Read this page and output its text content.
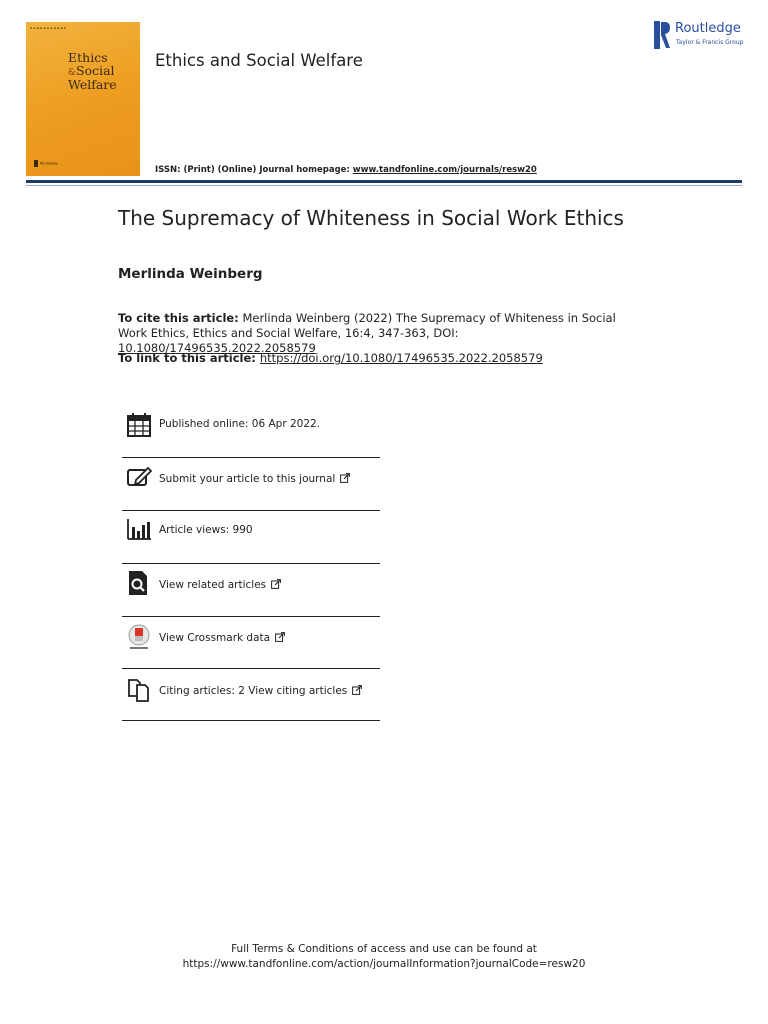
▪ ▪ ▪ ▪ ▪ ▪ ▪ ▪ ▪ ▪ ▪
Ethics
&Social
Welfare
Routledge
Ethics and Social Welfare
ISSN: (Print) (Online) Journal homepage: www.tandfonline.com/journals/resw20
Routledge
Taylor & Francis Group
The Supremacy of Whiteness in Social Work Ethics
Merlinda Weinberg
To cite this article: Merlinda Weinberg (2022) The Supremacy of Whiteness in Social Work Ethics, Ethics and Social Welfare, 16:4, 347-363, DOI: 10.1080/17496535.2022.2058579
To link to this article: https://doi.org/10.1080/17496535.2022.2058579
Published online: 06 Apr 2022.
Submit your article to this journal
Article views: 990
View related articles
View Crossmark data
Citing articles: 2 View citing articles
Full Terms & Conditions of access and use can be found at
https://www.tandfonline.com/action/journalInformation?journalCode=resw20
